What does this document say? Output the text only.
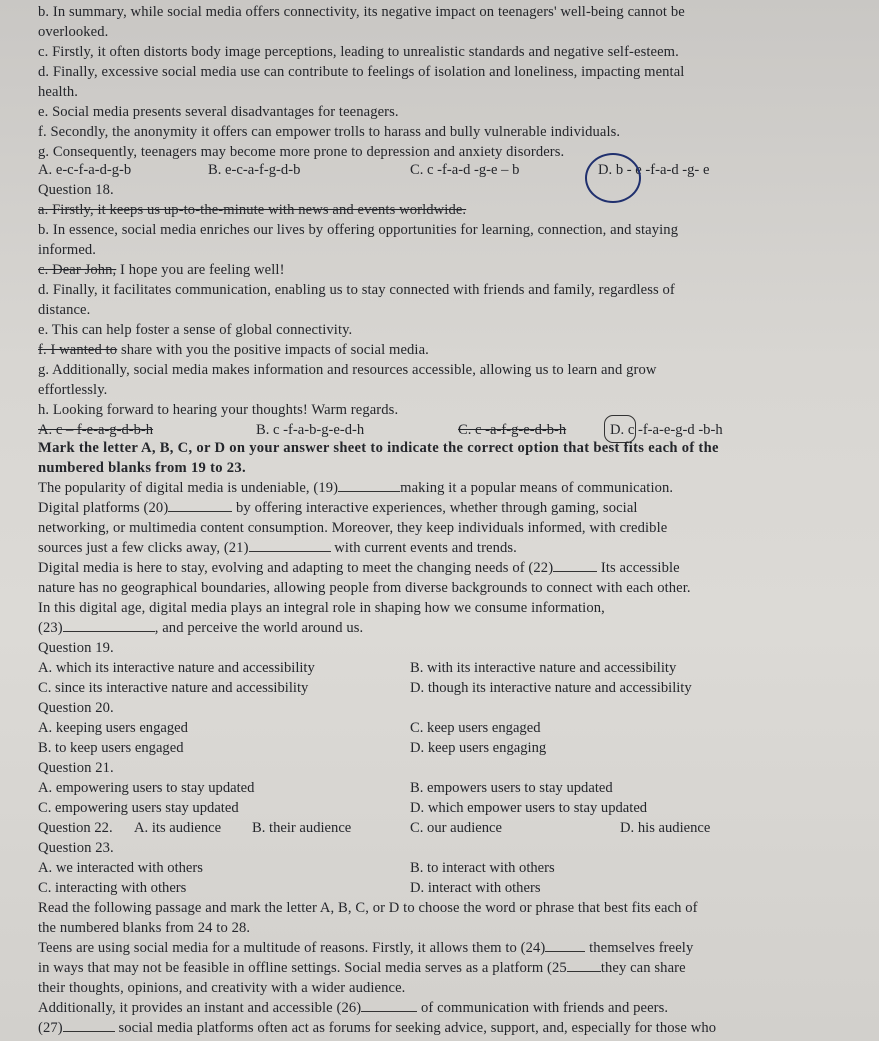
b. In summary, while social media offers connectivity, its negative impact on teenagers' well-being cannot be
overlooked.
c. Firstly, it often distorts body image perceptions, leading to unrealistic standards and negative self-esteem.
d. Finally, excessive social media use can contribute to feelings of isolation and loneliness, impacting mental
health.
e. Social media presents several disadvantages for teenagers.
f. Secondly, the anonymity it offers can empower trolls to harass and bully vulnerable individuals.
g. Consequently, teenagers may become more prone to depression and anxiety disorders.
A. e-c-f-a-d-g-b	B. e-c-a-f-g-d-b	C. c -f-a-d -g-e – b	D. b - e -f-a-d -g- e
Question 18.
a. Firstly, it keeps us up-to-the-minute with news and events worldwide.
b. In essence, social media enriches our lives by offering opportunities for learning, connection, and staying
informed.
c. Dear John, I hope you are feeling well!
d. Finally, it facilitates communication, enabling us to stay connected with friends and family, regardless of
distance.
e. This can help foster a sense of global connectivity.
f. I wanted to share with you the positive impacts of social media.
g. Additionally, social media makes information and resources accessible, allowing us to learn and grow
effortlessly.
h. Looking forward to hearing your thoughts! Warm regards.
A. c – f-e-a-g-d-b-h	B. c -f-a-b-g-e-d-h	C. c -a-f-g-e-d-b-h	D. c -f-a-e-g-d -b-h
Mark the letter A, B, C, or D on your answer sheet to indicate the correct option that best fits each of the
numbered blanks from 19 to 23.
The popularity of digital media is undeniable, (19)	making it a popular means of communication.
Digital platforms (20)	by offering interactive experiences, whether through gaming, social
networking, or multimedia content consumption. Moreover, they keep individuals informed, with credible
sources just a few clicks away, (21)	with current events and trends.
Digital media is here to stay, evolving and adapting to meet the changing needs of (22)	Its accessible
nature has no geographical boundaries, allowing people from diverse backgrounds to connect with each other.
In this digital age, digital media plays an integral role in shaping how we consume information,
(23)	, and perceive the world around us.
Question 19.
A. which its interactive nature and accessibility	B. with its interactive nature and accessibility
C. since its interactive nature and accessibility	D. though its interactive nature and accessibility
Question 20.
A. keeping users engaged	C. keep users engaged
B. to keep users engaged	D. keep users engaging
Question 21.
A. empowering users to stay updated	B. empowers users to stay updated
C. empowering users stay updated	D. which empower users to stay updated
Question 22. A. its audience B. their audience	C. our audience	D. his audience
Question 23.
A. we interacted with others	B. to interact with others
C. interacting with others	D. interact with others
Read the following passage and mark the letter A, B, C, or D to choose the word or phrase that best fits each of
the numbered blanks from 24 to 28.
Teens are using social media for a multitude of reasons. Firstly, it allows them to (24)	themselves freely
in ways that may not be feasible in offline settings. Social media serves as a platform (25 they can share
their thoughts, opinions, and creativity with a wider audience.
Additionally, it provides an instant and accessible (26)	of communication with friends and peers.
(27)	social media platforms often act as forums for seeking advice, support, and, especially for those who
